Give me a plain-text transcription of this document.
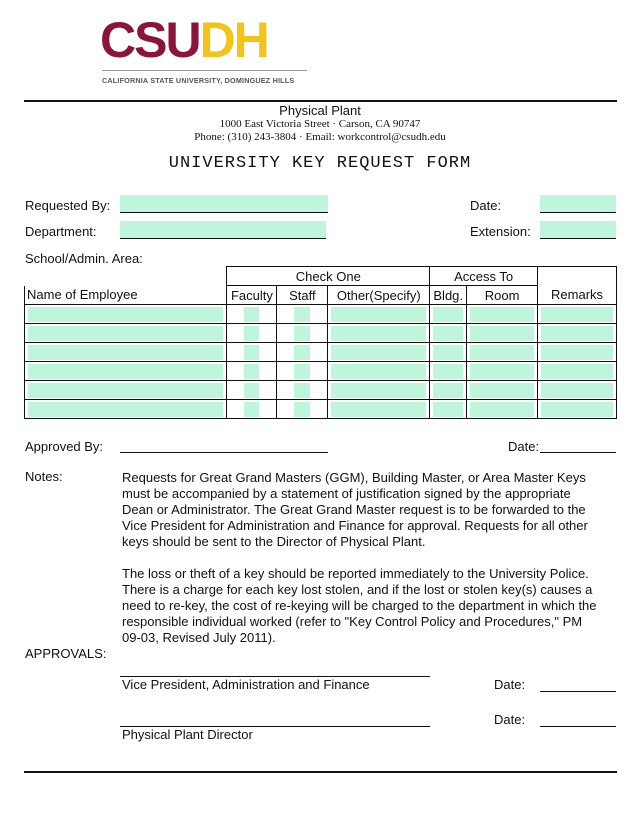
CSUDH
CALIFORNIA STATE UNIVERSITY, DOMINGUEZ HILLS
Physical Plant
1000 East Victoria Street · Carson, CA 90747
Phone: (310) 243-3804 · Email: workcontrol@csudh.edu
UNIVERSITY KEY REQUEST FORM
Requested By:	Date:
Department:	Extension:
School/Admin. Area:
	Check One			Access To		
Name of Employee	Faculty	Staff	Other(Specify)	Bldg.	Room	Remarks

Approved By:	Date:
Notes:	Requests for Great Grand Masters (GGM), Building Master, or Area Master Keys must be accompanied by a statement of justification signed by the appropriate Dean or Administrator. The Great Grand Master request is to be forwarded to the Vice President for Administration and Finance for approval. Requests for all other keys should be sent to the Director of Physical Plant.
The loss or theft of a key should be reported immediately to the University Police. There is a charge for each key lost stolen, and if the lost or stolen key(s) causes a need to re-key, the cost of re-keying will be charged to the department in which the responsible individual worked (refer to "Key Control Policy and Procedures," PM 09-03, Revised July 2011).
APPROVALS:
Vice President, Administration and Finance	Date:
Date:
Physical Plant Director
